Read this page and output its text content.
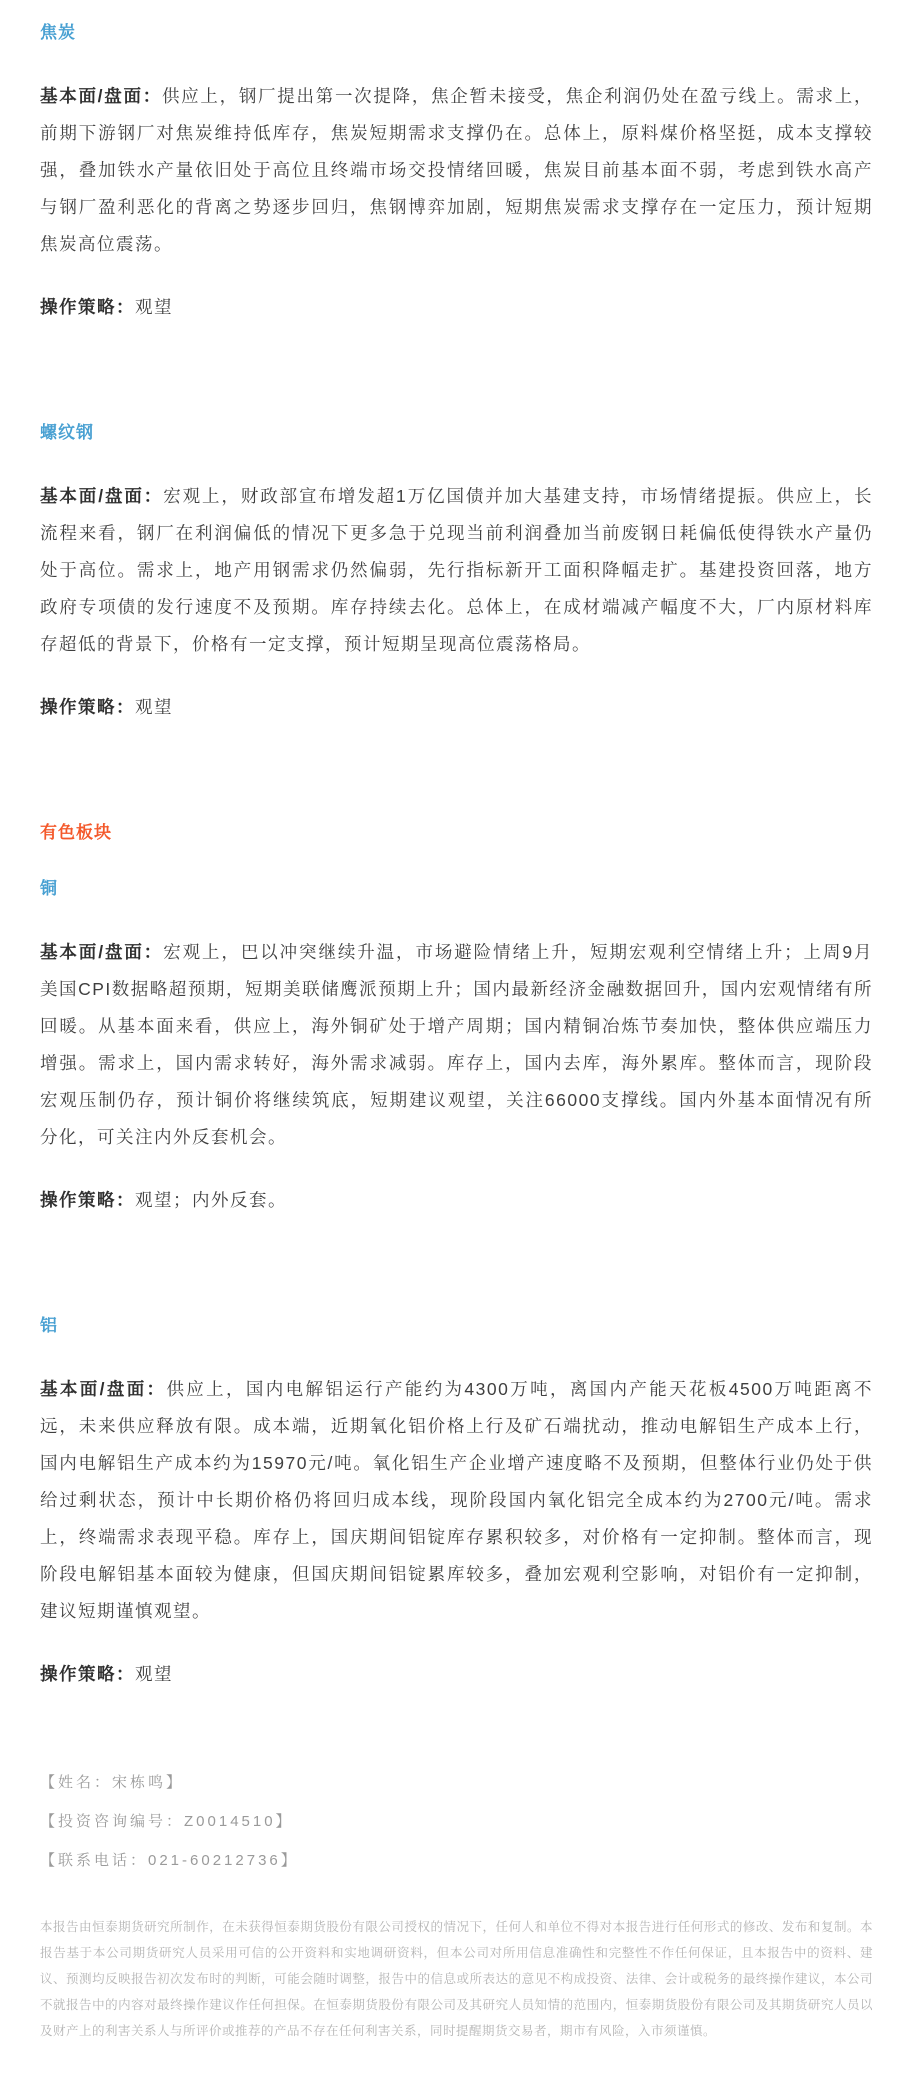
焦炭

基本面/盘面：供应上，钢厂提出第一次提降，焦企暂未接受，焦企利润仍处在盈亏线上。需求上，前期下游钢厂对焦炭维持低库存，焦炭短期需求支撑仍在。总体上，原料煤价格坚挺，成本支撑较强，叠加铁水产量依旧处于高位且终端市场交投情绪回暖，焦炭目前基本面不弱，考虑到铁水高产与钢厂盈利恶化的背离之势逐步回归，焦钢博弈加剧，短期焦炭需求支撑存在一定压力，预计短期焦炭高位震荡。

操作策略：观望

螺纹钢

基本面/盘面：宏观上，财政部宣布增发超1万亿国债并加大基建支持，市场情绪提振。供应上，长流程来看，钢厂在利润偏低的情况下更多急于兑现当前利润叠加当前废钢日耗偏低使得铁水产量仍处于高位。需求上，地产用钢需求仍然偏弱，先行指标新开工面积降幅走扩。基建投资回落，地方政府专项债的发行速度不及预期。库存持续去化。总体上，在成材端减产幅度不大，厂内原材料库存超低的背景下，价格有一定支撑，预计短期呈现高位震荡格局。

操作策略：观望

有色板块
铜

基本面/盘面：宏观上，巴以冲突继续升温，市场避险情绪上升，短期宏观利空情绪上升；上周9月美国CPI数据略超预期，短期美联储鹰派预期上升；国内最新经济金融数据回升，国内宏观情绪有所回暖。从基本面来看，供应上，海外铜矿处于增产周期；国内精铜冶炼节奏加快，整体供应端压力增强。需求上，国内需求转好，海外需求减弱。库存上，国内去库，海外累库。整体而言，现阶段宏观压制仍存，预计铜价将继续筑底，短期建议观望，关注66000支撑线。国内外基本面情况有所分化，可关注内外反套机会。

操作策略：观望；内外反套。

铝

基本面/盘面：供应上，国内电解铝运行产能约为4300万吨，离国内产能天花板4500万吨距离不远，未来供应释放有限。成本端，近期氧化铝价格上行及矿石端扰动，推动电解铝生产成本上行，国内电解铝生产成本约为15970元/吨。氧化铝生产企业增产速度略不及预期，但整体行业仍处于供给过剩状态，预计中长期价格仍将回归成本线，现阶段国内氧化铝完全成本约为2700元/吨。需求上，终端需求表现平稳。库存上，国庆期间铝锭库存累积较多，对价格有一定抑制。整体而言，现阶段电解铝基本面较为健康，但国庆期间铝锭累库较多，叠加宏观利空影响，对铝价有一定抑制，建议短期谨慎观望。

操作策略：观望

【姓名：宋栋鸣】

【投资咨询编号：Z0014510】

【联系电话：021-60212736】

本报告由恒泰期货研究所制作，在未获得恒泰期货股份有限公司授权的情况下，任何人和单位不得对本报告进行任何形式的修改、发布和复制。本报告基于本公司期货研究人员采用可信的公开资料和实地调研资料，但本公司对所用信息准确性和完整性不作任何保证，且本报告中的资料、建议、预测均反映报告初次发布时的判断，可能会随时调整，报告中的信息或所表达的意见不构成投资、法律、会计或税务的最终操作建议，本公司不就报告中的内容对最终操作建议作任何担保。在恒泰期货股份有限公司及其研究人员知情的范围内，恒泰期货股份有限公司及其期货研究人员以及财产上的利害关系人与所评价或推荐的产品不存在任何利害关系，同时提醒期货交易者，期市有风险，入市须谨慎。
